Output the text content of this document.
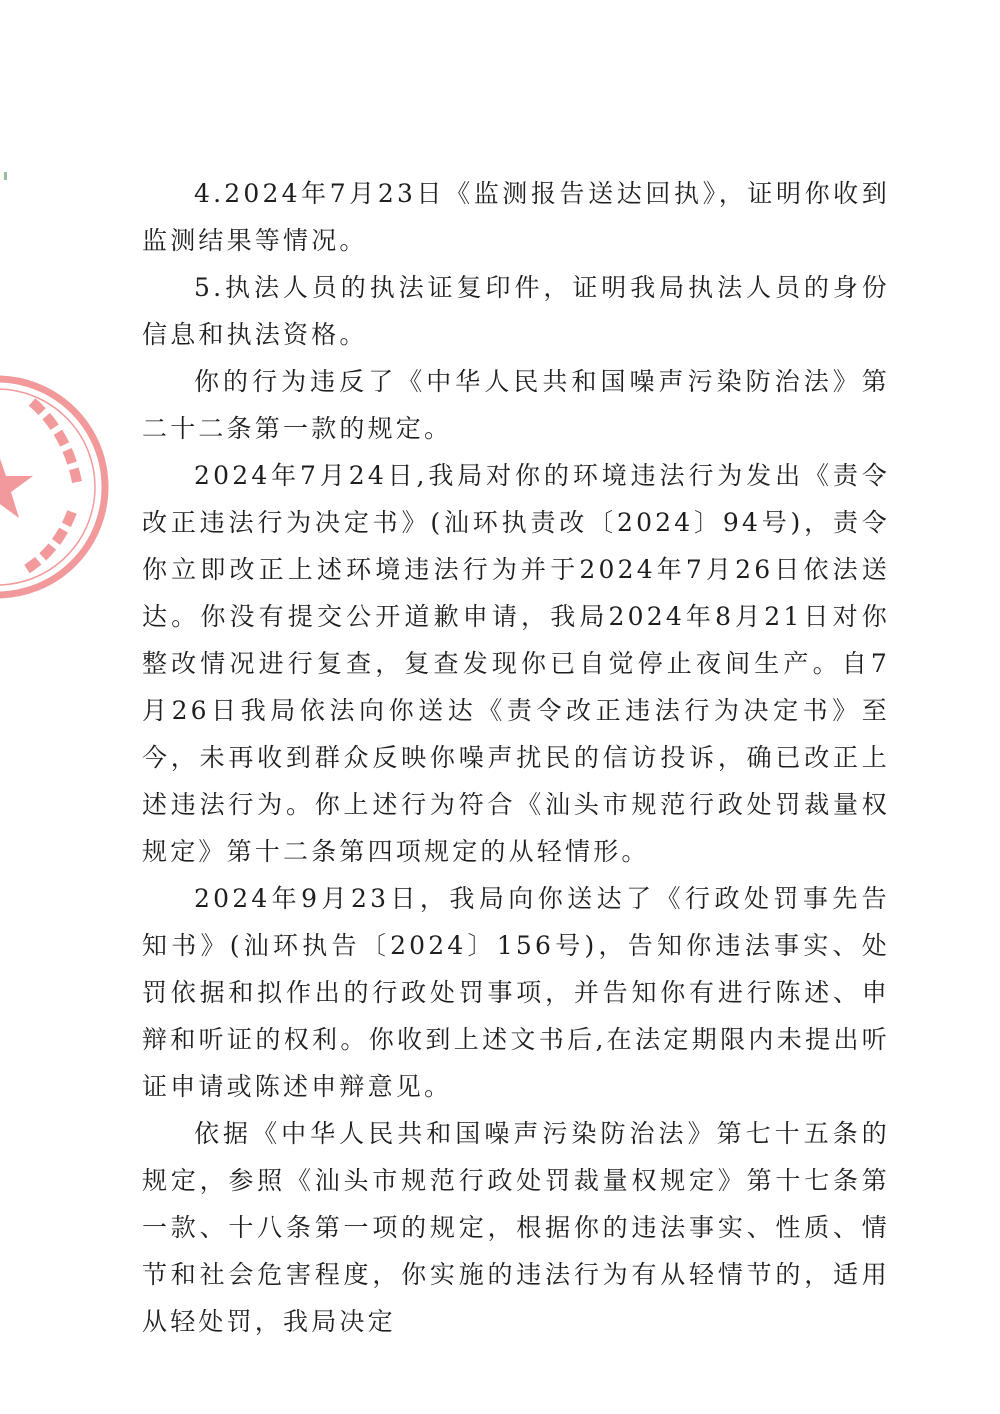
4.2024年7月23日《监测报告送达回执》，证明你收到监测结果等情况。

5.执法人员的执法证复印件，证明我局执法人员的身份信息和执法资格。

你的行为违反了《中华人民共和国噪声污染防治法》第二十二条第一款的规定。

2024年7月24日,我局对你的环境违法行为发出《责令改正违法行为决定书》(汕环执责改〔2024〕94号)，责令你立即改正上述环境违法行为并于2024年7月26日依法送达。你没有提交公开道歉申请，我局2024年8月21日对你整改情况进行复查，复查发现你已自觉停止夜间生产。自7月26日我局依法向你送达《责令改正违法行为决定书》至今，未再收到群众反映你噪声扰民的信访投诉，确已改正上述违法行为。你上述行为符合《汕头市规范行政处罚裁量权规定》第十二条第四项规定的从轻情形。

2024年9月23日，我局向你送达了《行政处罚事先告知书》(汕环执告〔2024〕156号)，告知你违法事实、处罚依据和拟作出的行政处罚事项，并告知你有进行陈述、申辩和听证的权利。你收到上述文书后,在法定期限内未提出听证申请或陈述申辩意见。

依据《中华人民共和国噪声污染防治法》第七十五条的规定，参照《汕头市规范行政处罚裁量权规定》第十七条第一款、十八条第一项的规定，根据你的违法事实、性质、情节和社会危害程度，你实施的违法行为有从轻情节的，适用从轻处罚，我局决定
